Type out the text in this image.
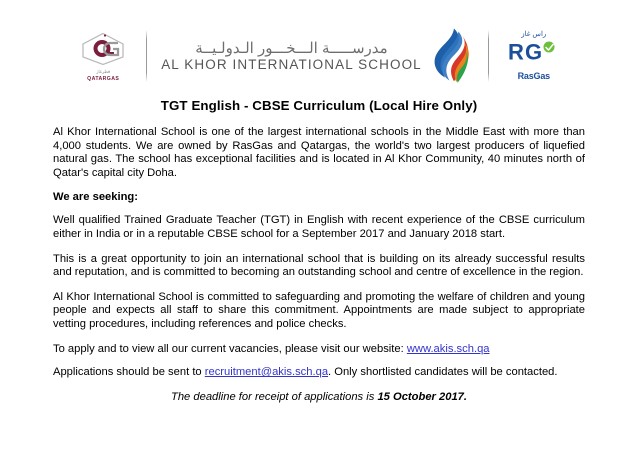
قطرغاز
QATARGAS
مدرســـــة الـــخـــور الـدولـيــة
AL KHOR INTERNATIONAL SCHOOL
راس غاز
R G
RasGas
TGT English - CBSE Curriculum (Local Hire Only)

Al Khor International School is one of the largest international schools in the Middle East with more than 4,000 students. We are owned by RasGas and Qatargas, the world's two largest producers of liquefied natural gas. The school has exceptional facilities and is located in Al Khor Community, 40 minutes north of Qatar's capital city Doha.

We are seeking:

Well qualified Trained Graduate Teacher (TGT) in English with recent experience of the CBSE curriculum either in India or in a reputable CBSE school for a September 2017 and January 2018 start.

This is a great opportunity to join an international school that is building on its already successful results and reputation, and is committed to becoming an outstanding school and centre of excellence in the region.

Al Khor International School is committed to safeguarding and promoting the welfare of children and young people and expects all staff to share this commitment. Appointments are made subject to appropriate vetting procedures, including references and police checks.

To apply and to view all our current vacancies, please visit our website: www.akis.sch.qa

Applications should be sent to recruitment@akis.sch.qa. Only shortlisted candidates will be contacted.

The deadline for receipt of applications is 15 October 2017.
